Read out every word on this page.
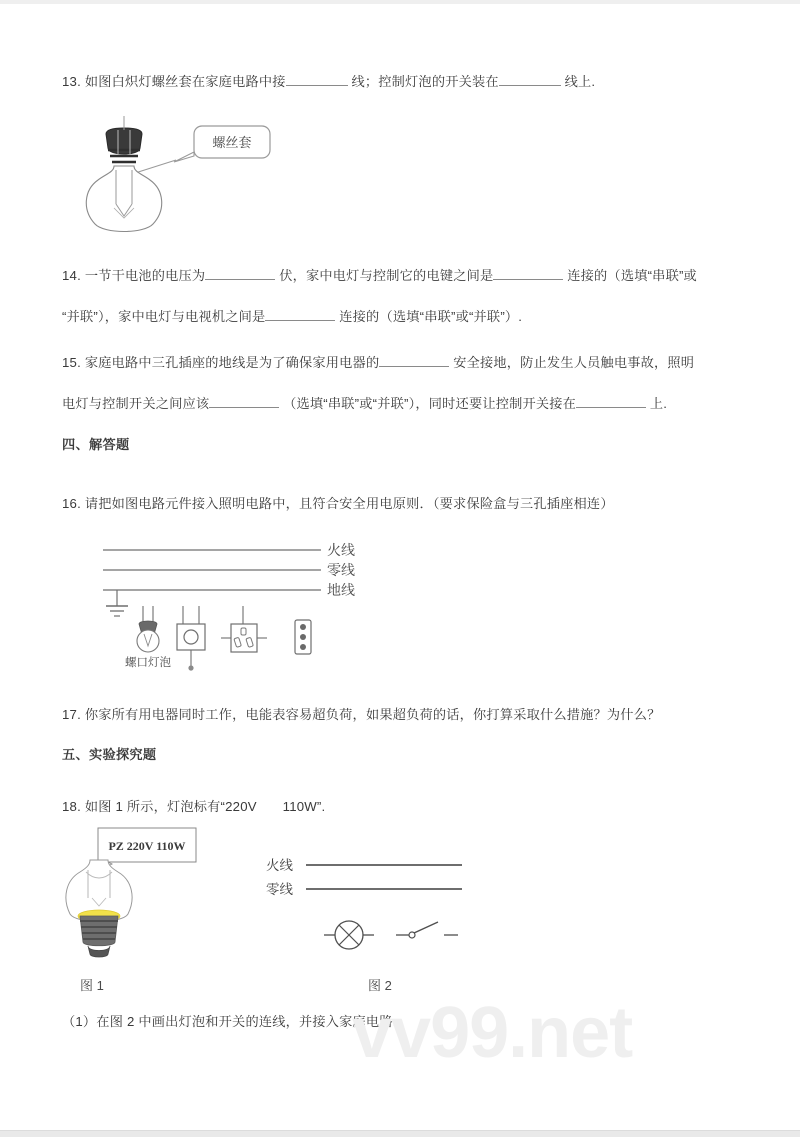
vv99.net
13. 如图白炽灯螺丝套在家庭电路中接	线；控制灯泡的开关装在	线上.
螺丝套
14. 一节干电池的电压为	伏，家中电灯与控制它的电键之间是	连接的（选填“串联”或
“并联”），家中电灯与电视机之间是	连接的（选填“串联”或“并联”）.
15. 家庭电路中三孔插座的地线是为了确保家用电器的	安全接地，防止发生人员触电事故，照明
电灯与控制开关之间应该	（选填“串联”或“并联”），同时还要让控制开关接在	上.
四、解答题
16. 请把如图电路元件接入照明电路中，且符合安全用电原则．（要求保险盒与三孔插座相连）
火线
零线
地线
螺口灯泡
17. 你家所有用电器同时工作，电能表容易超负荷，如果超负荷的话，你打算采取什么措施？为什么？
五、实验探究题
18. 如图 1 所示，灯泡标有“220V 110W”.
PZ 220V 110W
图 1
火线
零线
图 2
（1）在图 2 中画出灯泡和开关的连线，并接入家庭电路.
